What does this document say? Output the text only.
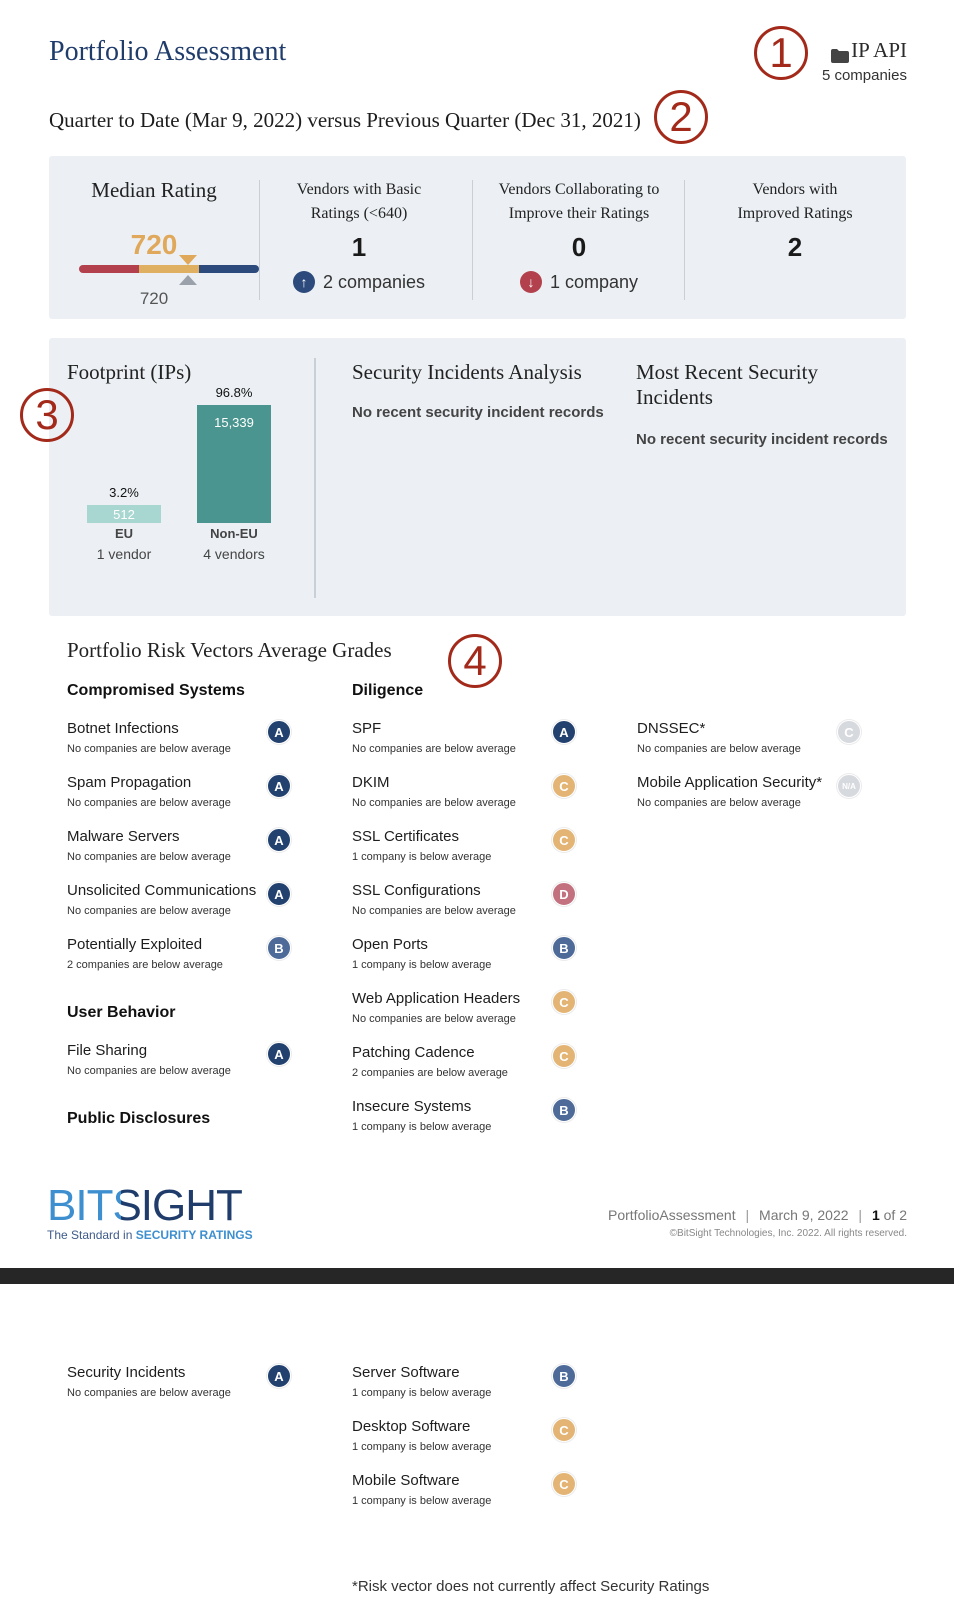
Portfolio Assessment	1	IP API
5 companies
Quarter to Date (Mar 9, 2022) versus Previous Quarter (Dec 31, 2021) 2
Median Rating
720
720
Vendors with Basic
Ratings (<640)
1
↑ 2 companies
Vendors Collaborating to
Improve their Ratings
0
↓ 1 company
Vendors with
Improved Ratings
2
Footprint (IPs)
512
3.2%
EU
1 vendor
15,339
96.8%
Non-EU
4 vendors
Security Incidents Analysis
No recent security incident records
Most Recent Security
Incidents
No recent security incident records
3
Portfolio Risk Vectors Average Grades	4
Compromised Systems	Diligence
Botnet Infections
No companies are below average
A
Spam Propagation
No companies are below average
A
Malware Servers
No companies are below average
A
Unsolicited Communications
No companies are below average
A
Potentially Exploited
2 companies are below average
B
User Behavior
File Sharing
No companies are below average
A
Public Disclosures
SPF
No companies are below average
A
DKIM
No companies are below average
C
SSL Certificates
1 company is below average
C
SSL Configurations
No companies are below average
D
Open Ports
1 company is below average
B
Web Application Headers
No companies are below average
C
Patching Cadence
2 companies are below average
C
Insecure Systems
1 company is below average
B
DNSSEC*
No companies are below average
C
Mobile Application Security*
No companies are below average
N/A
BITSIGHT
The Standard in SECURITY RATINGS
PortfolioAssessment | March 9, 2022 | 1 of 2
©BitSight Technologies, Inc. 2022. All rights reserved.
Security Incidents
No companies are below average
A	Server Software
1 company is below average
B
Desktop Software
1 company is below average
C
Mobile Software
1 company is below average
C
*Risk vector does not currently affect Security Ratings
